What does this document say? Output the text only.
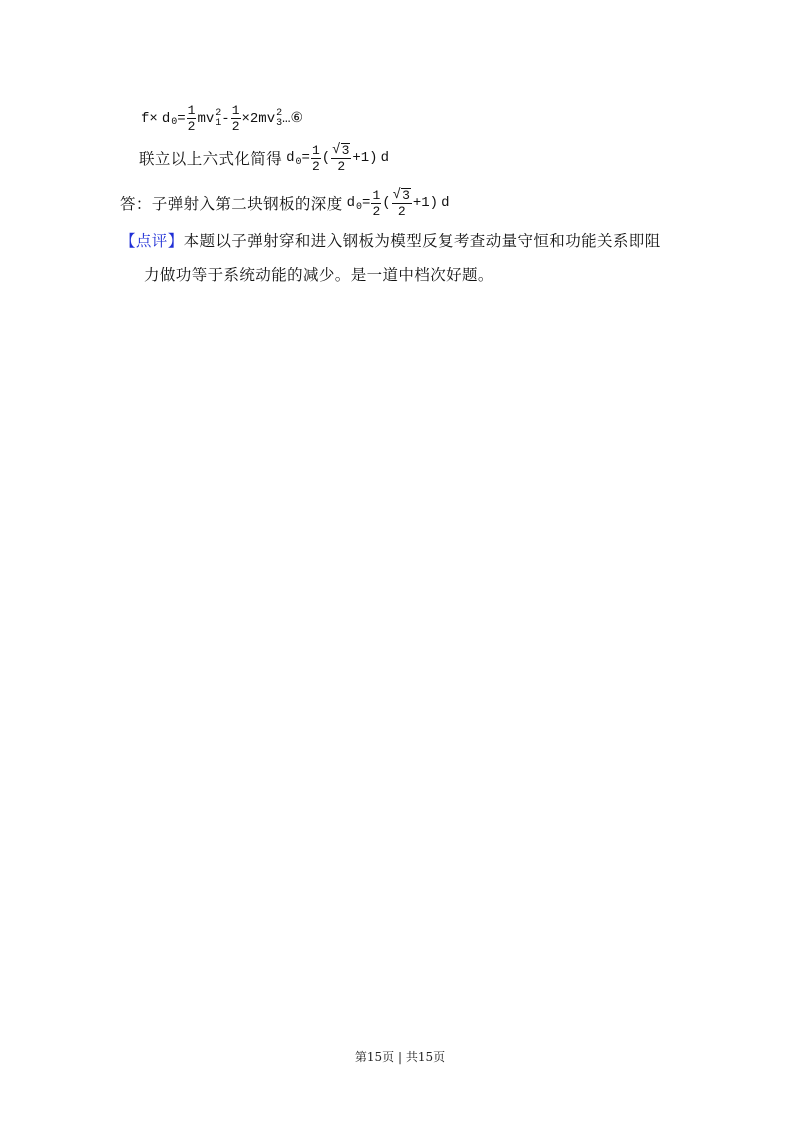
f × d $0 = \frac{1}{2}$ mv 2
$1 - \frac{1}{2} \times 2mv$ 2
3 …⑥
联立以上六式化简得 d $0 = \frac{1}{2}$ ( $\frac{√ 3}{2} +1$) d
答：子弹射入第二块钢板的深度 d $0 = \frac{1}{2}$ ( $\frac{√ 3}{2} +1$) d
【点评】 本题以子弹射穿和进入钢板为模型反复考查动量守恒和功能关系即阻
力做功等于系统动能的减少。是一道中档次好题。
第15页 | 共15页
